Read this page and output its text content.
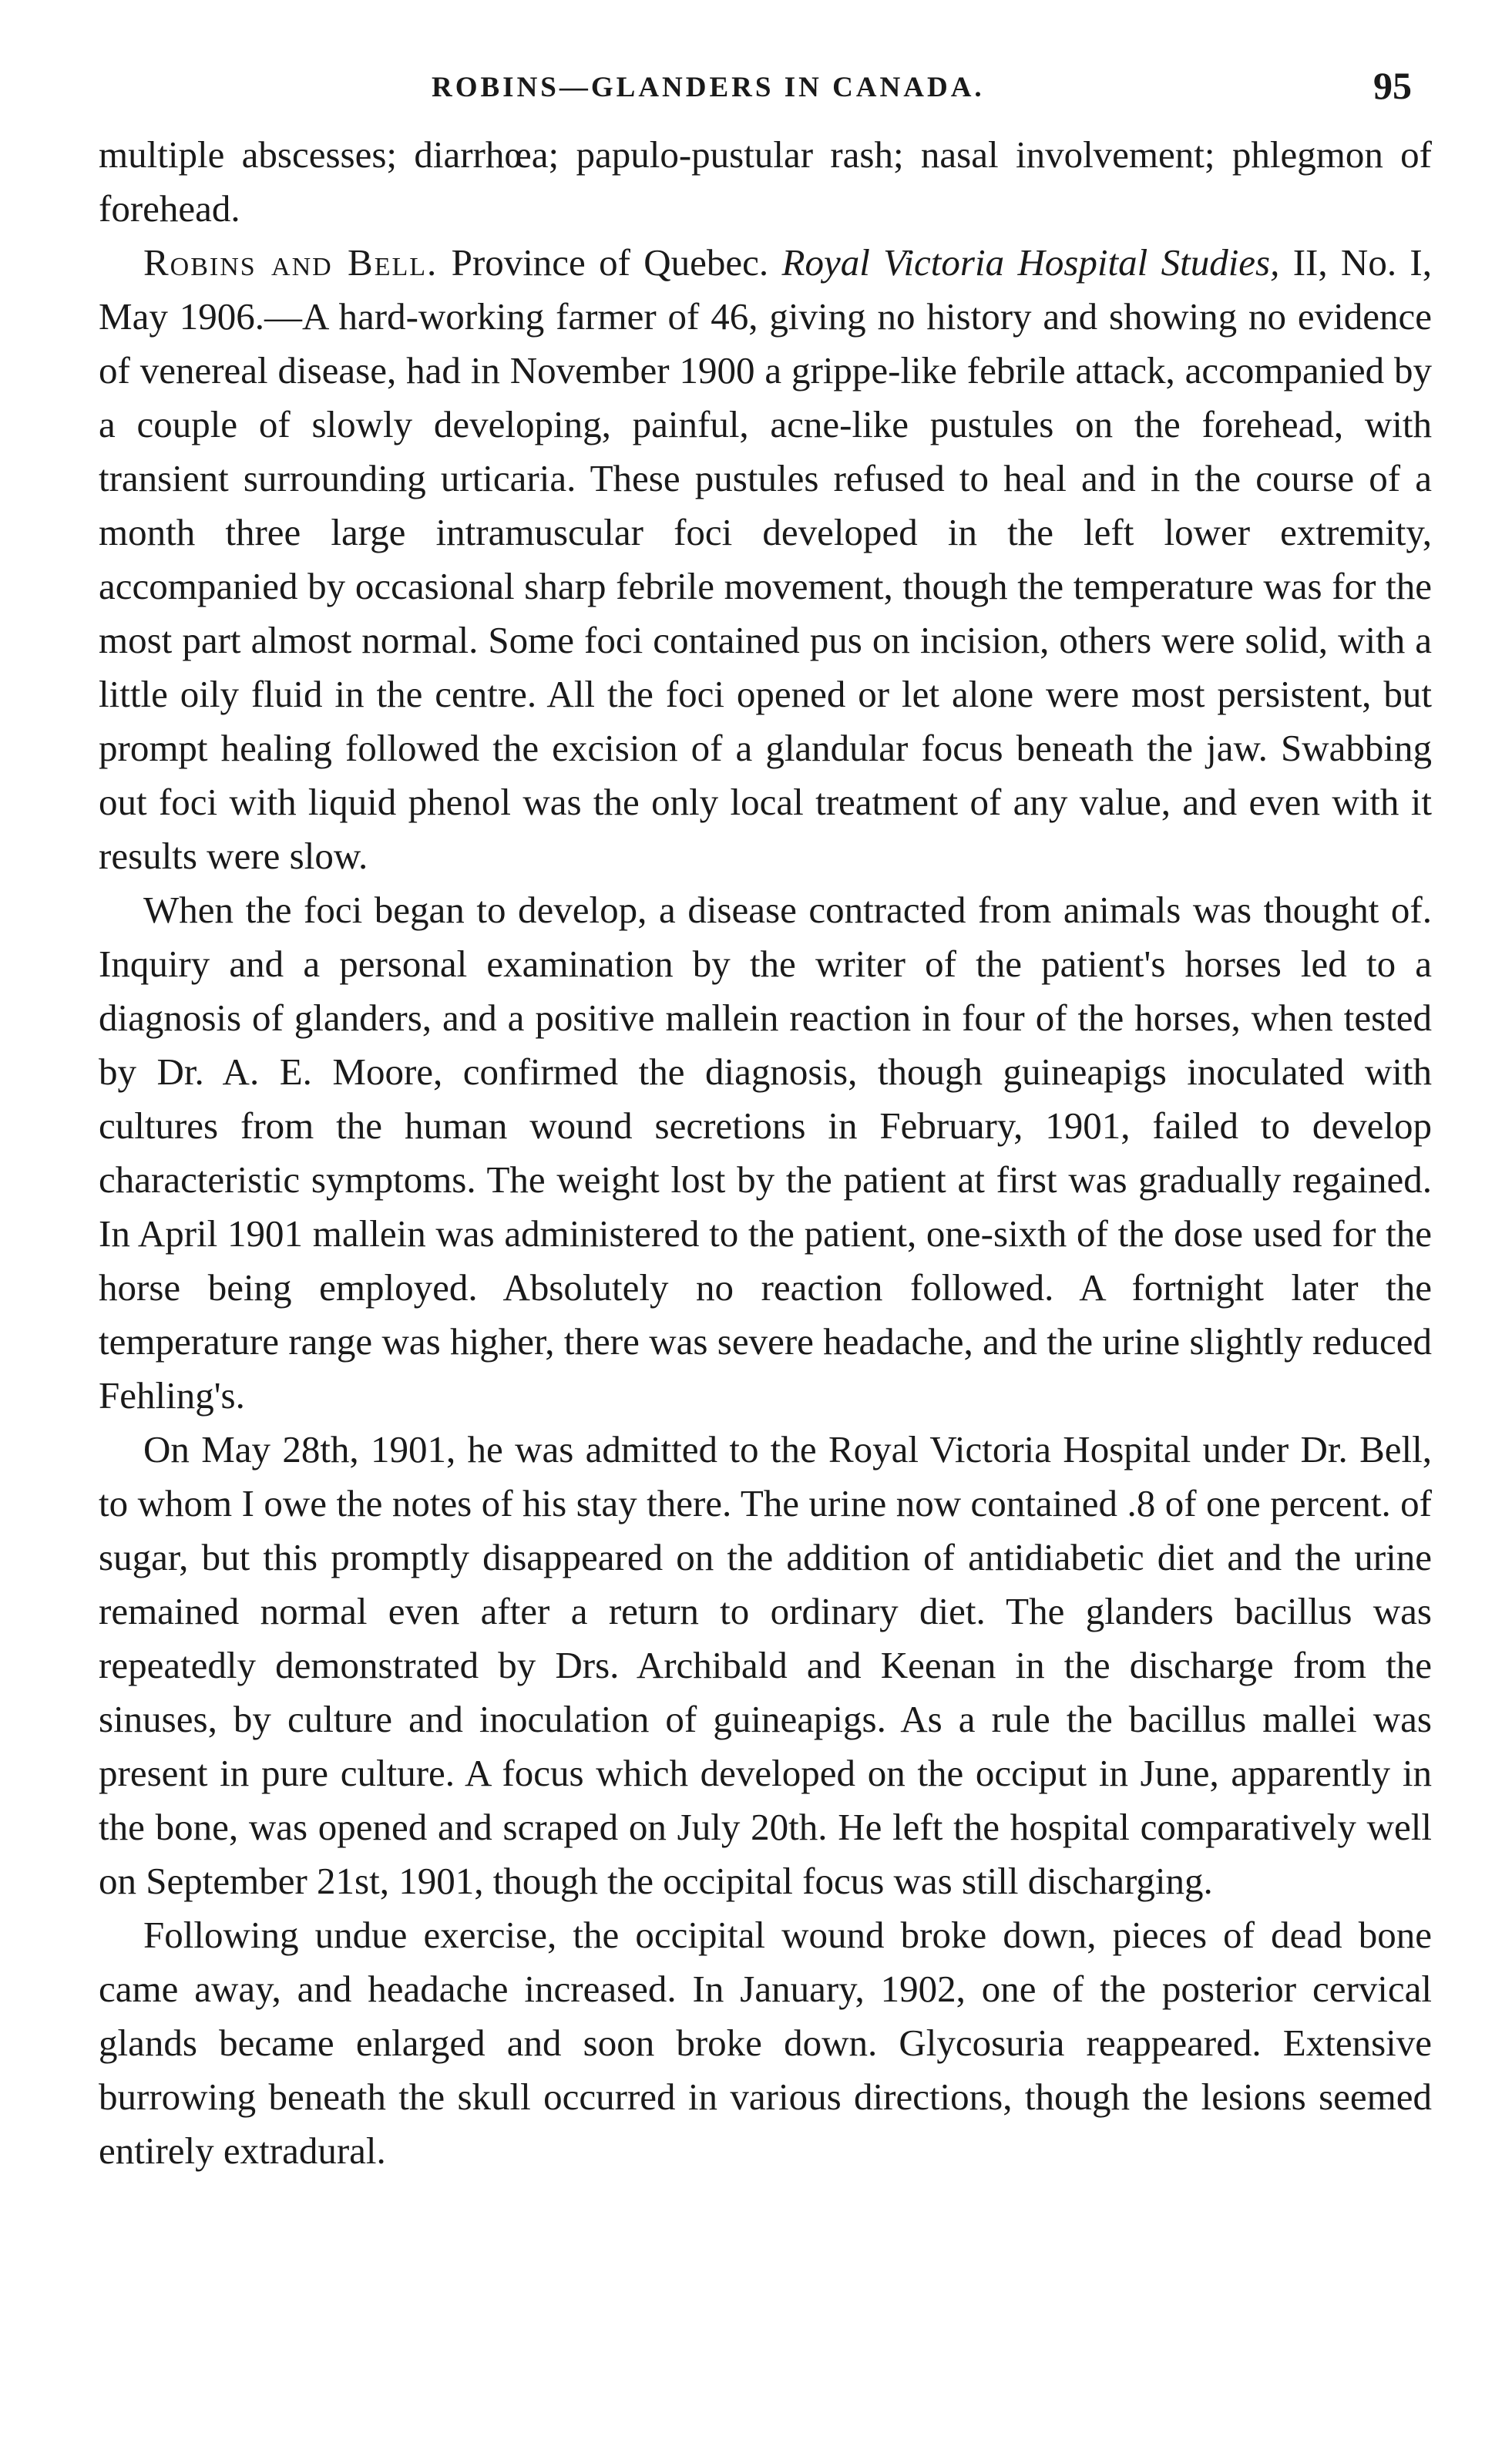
ROBINS—GLANDERS IN CANADA.	95

multiple abscesses; diarrhœa; papulo-pustular rash; nasal involvement; phlegmon of forehead.

Robins and Bell. Province of Quebec. Royal Victoria Hospital Studies, II, No. I, May 1906.—A hard-working farmer of 46, giving no history and showing no evidence of venereal disease, had in November 1900 a grippe-like febrile attack, accompanied by a couple of slowly developing, painful, acne-like pustules on the forehead, with transient surrounding urticaria. These pustules refused to heal and in the course of a month three large intramuscular foci developed in the left lower extremity, accompanied by occasional sharp febrile movement, though the temperature was for the most part almost normal. Some foci contained pus on incision, others were solid, with a little oily fluid in the centre. All the foci opened or let alone were most persistent, but prompt healing followed the excision of a glandular focus beneath the jaw. Swabbing out foci with liquid phenol was the only local treatment of any value, and even with it results were slow.

When the foci began to develop, a disease contracted from animals was thought of. Inquiry and a personal examination by the writer of the patient's horses led to a diagnosis of glanders, and a positive mallein reaction in four of the horses, when tested by Dr. A. E. Moore, confirmed the diagnosis, though guineapigs inoculated with cultures from the human wound secretions in February, 1901, failed to develop characteristic symptoms. The weight lost by the patient at first was gradually regained. In April 1901 mallein was administered to the patient, one-sixth of the dose used for the horse being employed. Absolutely no reaction followed. A fortnight later the temperature range was higher, there was severe headache, and the urine slightly reduced Fehling's.

On May 28th, 1901, he was admitted to the Royal Victoria Hospital under Dr. Bell, to whom I owe the notes of his stay there. The urine now contained .8 of one percent. of sugar, but this promptly disappeared on the addition of antidiabetic diet and the urine remained normal even after a return to ordinary diet. The glanders bacillus was repeatedly demonstrated by Drs. Archibald and Keenan in the discharge from the sinuses, by culture and inoculation of guineapigs. As a rule the bacillus mallei was present in pure culture. A focus which developed on the occiput in June, apparently in the bone, was opened and scraped on July 20th. He left the hospital comparatively well on September 21st, 1901, though the occipital focus was still discharging.

Following undue exercise, the occipital wound broke down, pieces of dead bone came away, and headache increased. In January, 1902, one of the posterior cervical glands became enlarged and soon broke down. Glycosuria reappeared. Extensive burrowing beneath the skull occurred in various directions, though the lesions seemed entirely extradural.
